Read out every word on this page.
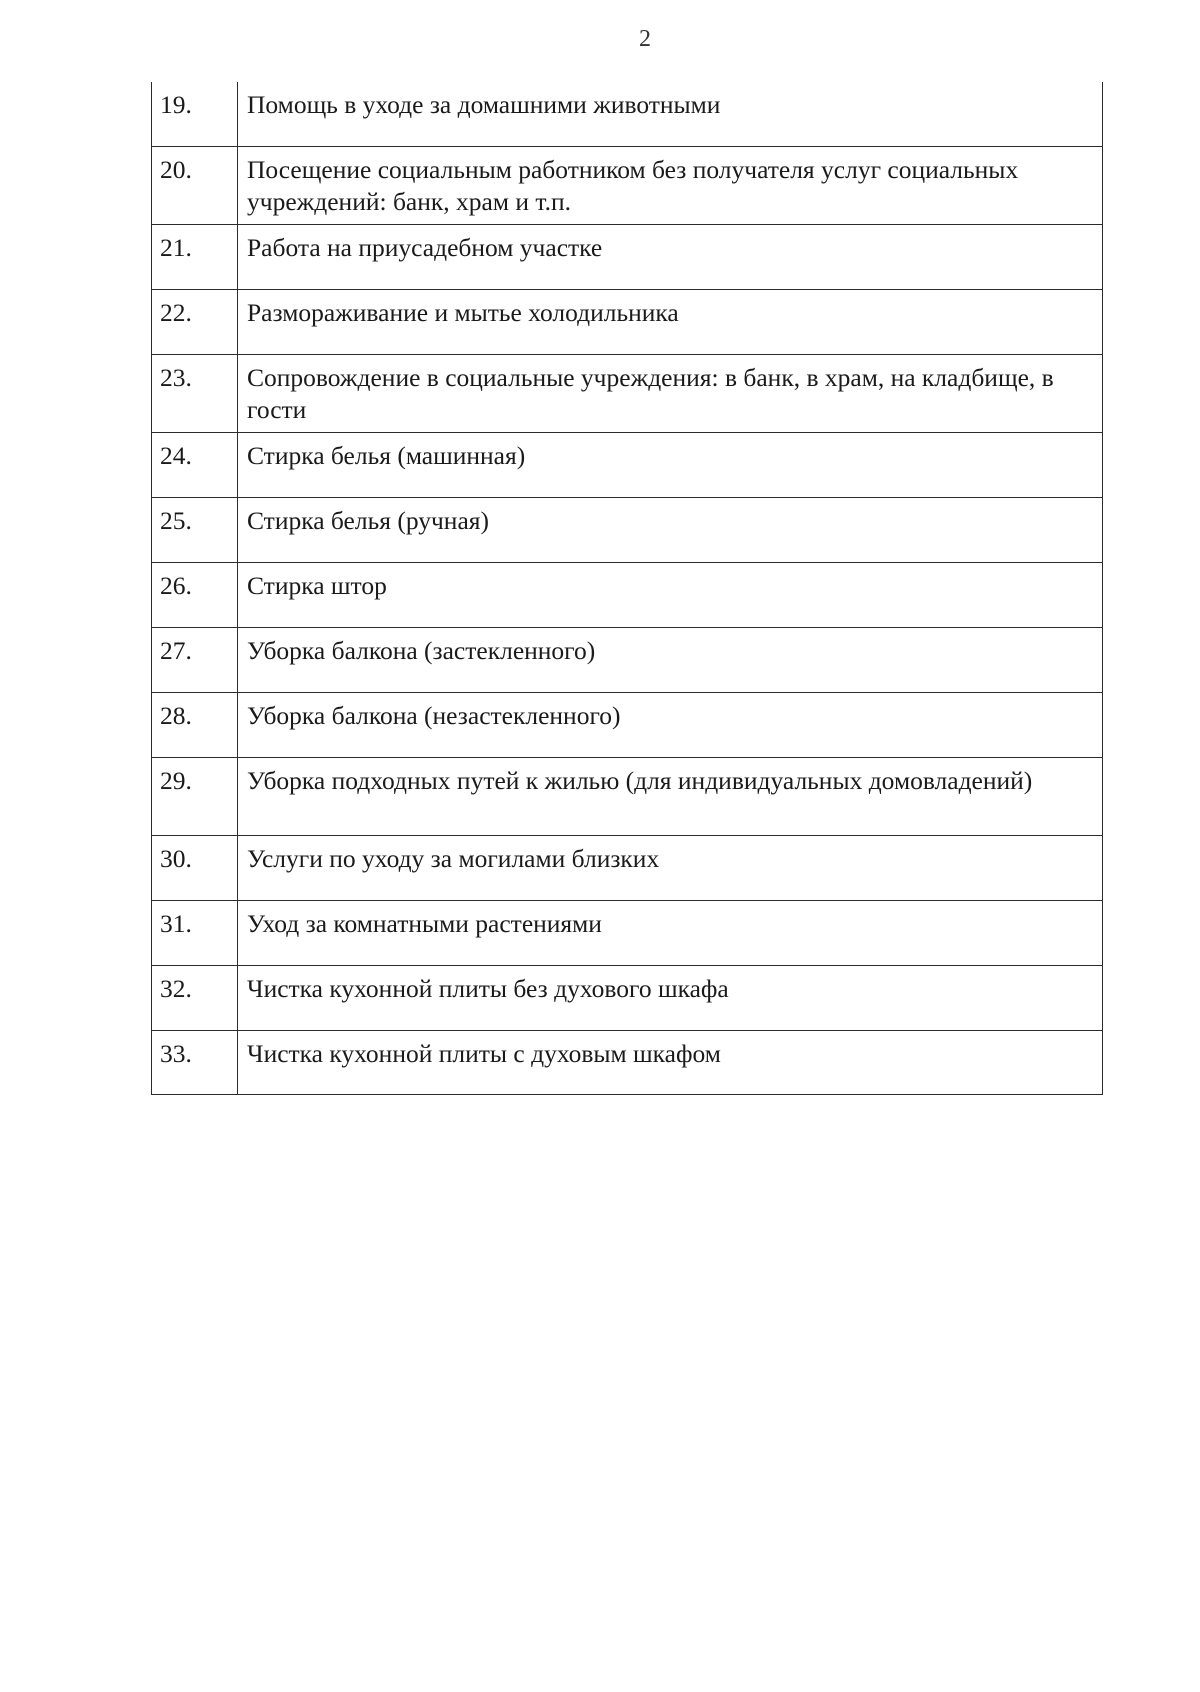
2
19.	Помощь в уходе за домашними животными
20.	Посещение социальным работником без получателя услуг социальных учреждений: банк, храм и т.п.
21.	Работа на приусадебном участке
22.	Размораживание и мытье холодильника
23.	Сопровождение в социальные учреждения: в банк, в храм, на кладбище, в гости
24.	Стирка белья (машинная)
25.	Стирка белья (ручная)
26.	Стирка штор
27.	Уборка балкона (застекленного)
28.	Уборка балкона (незастекленного)
29.	Уборка подходных путей к жилью (для индивидуальных домовладений)
30.	Услуги по уходу за могилами близких
31.	Уход за комнатными растениями
32.	Чистка кухонной плиты без духового шкафа
33.	Чистка кухонной плиты с духовым шкафом
